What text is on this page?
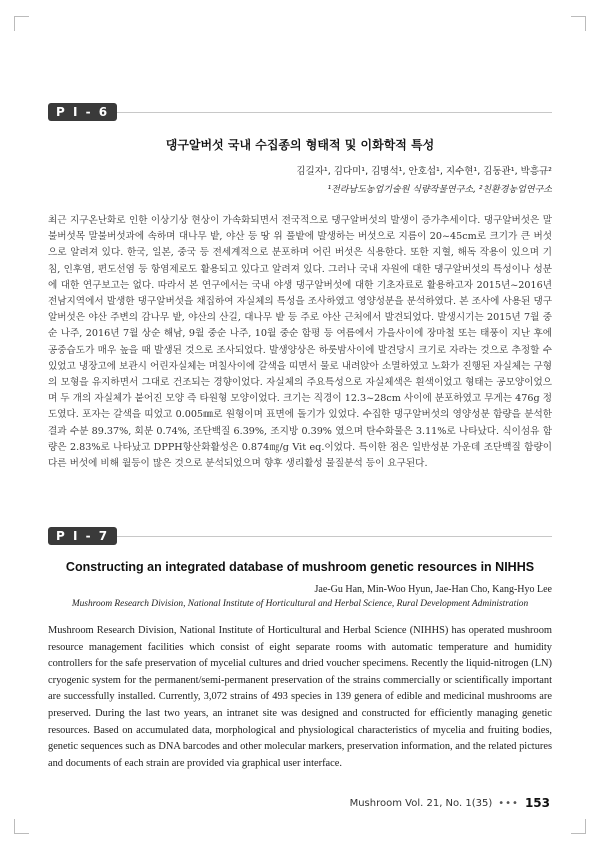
P I - 6
댕구알버섯 국내 수집종의 형태적 및 이화학적 특성
김길자¹, 김다미¹, 김명석¹, 안호섭¹, 지수현¹, 김동관¹, 박흥규²
¹전라남도농업기술원 식량작물연구소, ²친환경농업연구소
최근 지구온난화로 인한 이상기상 현상이 가속화되면서 전국적으로 댕구알버섯의 발생이 증가추세이다. 댕구알버섯은 말불버섯목 말불버섯과에 속하며 대나무 밭, 야산 등 땅 위 풀밭에 발생하는 버섯으로 지름이 20~45cm로 크기가 큰 버섯으로 알려져 있다. 한국, 일본, 중국 등 전세계적으로 분포하며 어린 버섯은 식용한다. 또한 지혈, 해독 작용이 있으며 기침, 인후염, 편도선염 등 항염제로도 활용되고 있다고 알려져 있다. 그러나 국내 자원에 대한 댕구알버섯의 특성이나 성분에 대한 연구보고는 없다. 따라서 본 연구에서는 국내 야생 댕구알버섯에 대한 기초자료로 활용하고자 2015년~2016년 전남지역에서 발생한 댕구알버섯을 채집하여 자실체의 특성을 조사하였고 영양성분을 분석하였다. 본 조사에 사용된 댕구알버섯은 야산 주변의 감나무 밭, 야산의 산길, 대나무 밭 등 주로 야산 근처에서 발견되었다. 발생시기는 2015년 7월 중순 나주, 2016년 7월 상순 해남, 9월 중순 나주, 10월 중순 함평 등 여름에서 가을사이에 장마철 또는 태풍이 지난 후에 공중습도가 매우 높을 때 발생된 것으로 조사되었다. 발생양상은 하룻밤사이에 발견당시 크기로 자라는 것으로 추정할 수 있었고 냉장고에 보관시 어린자실체는 며칠사이에 갈색을 띠면서 물로 내려앉아 소멸하였고 노화가 진행된 자실체는 구형의 모형을 유지하면서 그대로 건조되는 경향이었다. 자실체의 주요특성으로 자실체색은 흰색이었고 형태는 공모양이었으며 두 개의 자실체가 붙어진 모양 즉 타원형 모양이었다. 크기는 직경이 12.3~28cm 사이에 분포하였고 무게는 476g 정도였다. 포자는 갈색을 띠었고 0.005㎜로 원형이며 표면에 돌기가 있었다. 수집한 댕구알버섯의 영양성분 함량을 분석한 결과 수분 89.37%, 회분 0.74%, 조단백질 6.39%, 조지방 0.39% 였으며 탄수화물은 3.11%로 나타났다. 식이섬유 함량은 2.83%로 나타났고 DPPH항산화활성은 0.874㎎/g Vit eq.이었다. 특이한 점은 일반성분 가운데 조단백질 함량이 다른 버섯에 비해 월등이 많은 것으로 분석되었으며 향후 생리활성 물질분석 등이 요구된다.
P I - 7
Constructing an integrated database of mushroom genetic resources in NIHHS
Jae-Gu Han, Min-Woo Hyun, Jae-Han Cho, Kang-Hyo Lee
Mushroom Research Division, National Institute of Horticultural and Herbal Science, Rural Development Administration
Mushroom Research Division, National Institute of Horticultural and Herbal Science (NIHHS) has operated mushroom resource management facilities which consist of eight separate rooms with automatic temperature and humidity controllers for the safe preservation of mycelial cultures and dried voucher specimens. Recently the liquid-nitrogen (LN) cryogenic system for the permanent/semi-permanent preservation of the strains commercially or scientifically important are successfully installed. Currently, 3,072 strains of 493 species in 139 genera of edible and medicinal mushrooms are preserved. During the last two years, an intranet site was designed and constructed for efficiently managing genetic resources. Based on accumulated data, morphological and physiological characteristics of mycelia and fruiting bodies, genetic sequences such as DNA barcodes and other molecular markers, preservation information, and the related pictures and documents of each strain are provided via graphical user interface.
Mushroom Vol. 21, No. 1(35) ••• 153
